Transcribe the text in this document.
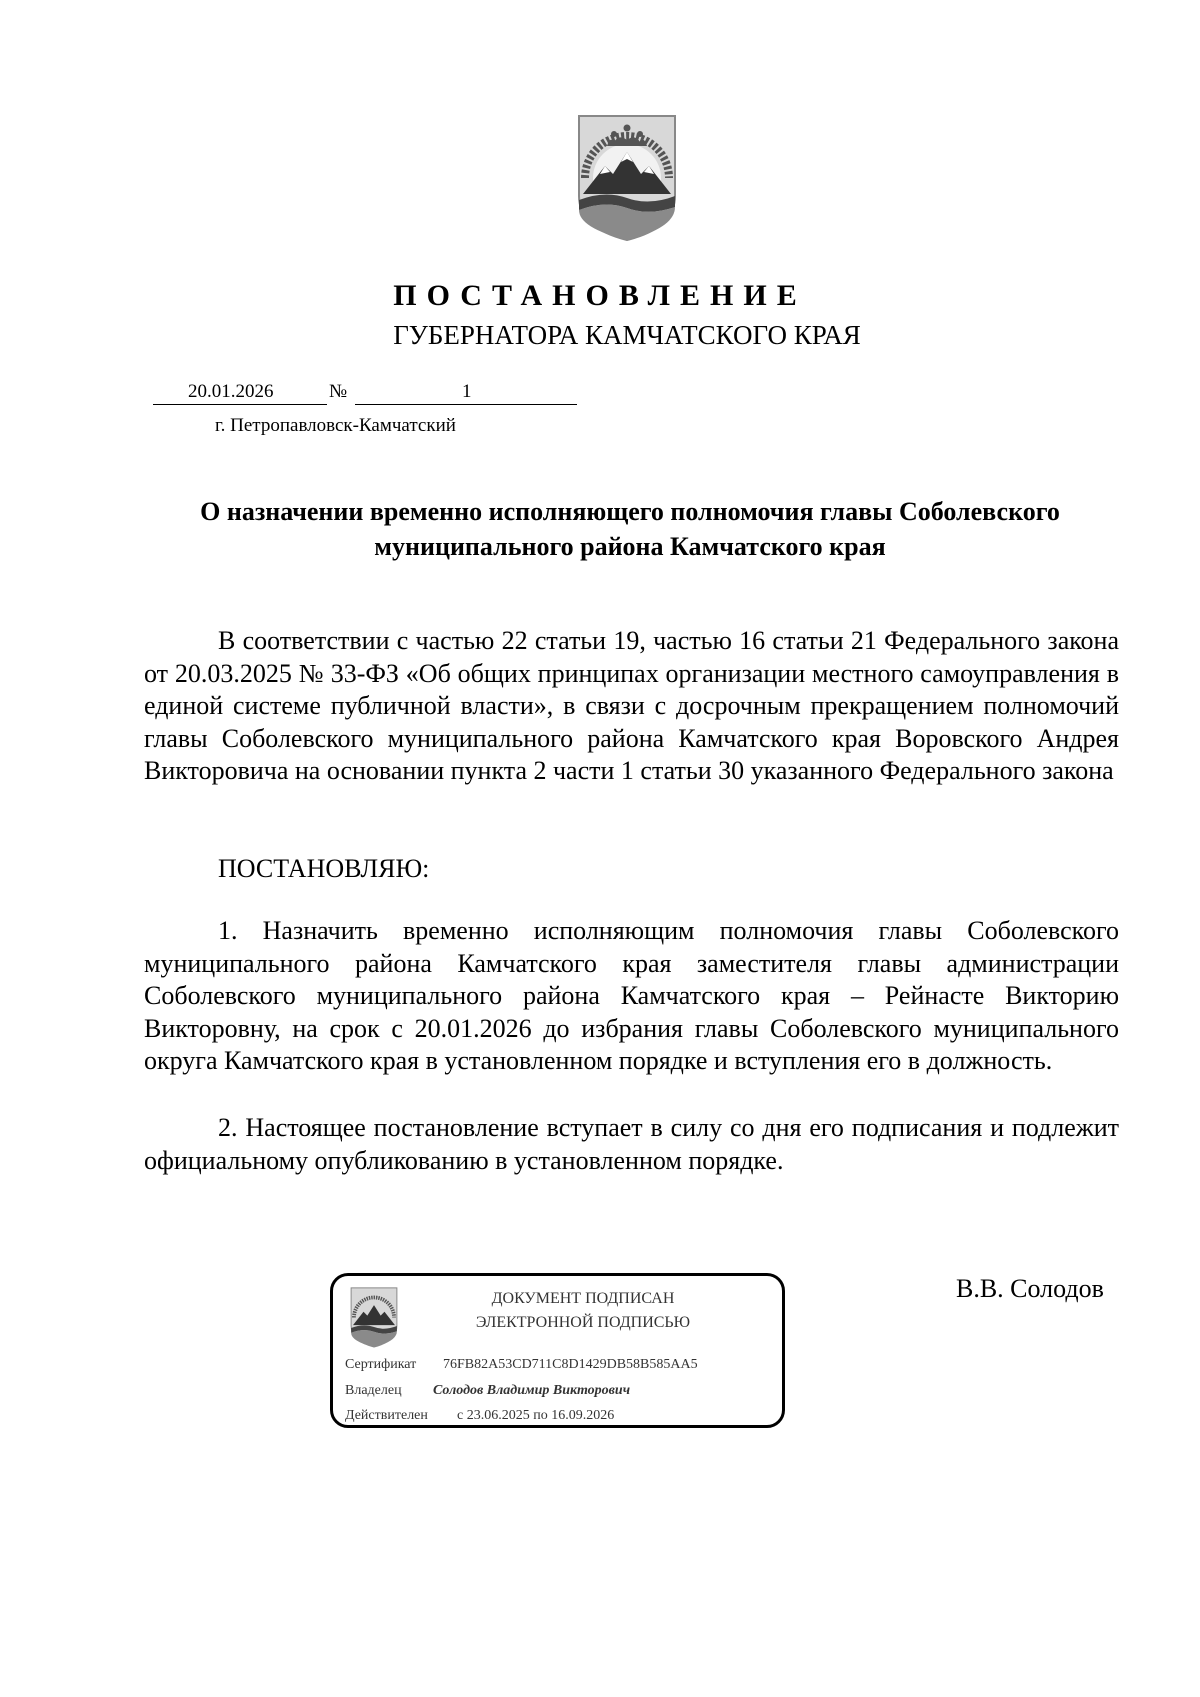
ПОСТАНОВЛЕНИЕ
ГУБЕРНАТОРА КАМЧАТСКОГО КРАЯ
20.01.2026	№	1
г. Петропавловск-Камчатский
О назначении временно исполняющего полномочия главы Соболевского муниципального района Камчатского края
В соответствии с частью 22 статьи 19, частью 16 статьи 21 Федерального закона от 20.03.2025 № 33-ФЗ «Об общих принципах организации местного самоуправления в единой системе публичной власти», в связи с досрочным прекращением полномочий главы Соболевского муниципального района Камчатского края Воровского Андрея Викторовича на основании пункта 2 части 1 статьи 30 указанного Федерального закона
ПОСТАНОВЛЯЮ:
1. Назначить временно исполняющим полномочия главы Соболевского муниципального района Камчатского края заместителя главы администрации Соболевского муниципального района Камчатского края – Рейнасте Викторию Викторовну, на срок с 20.01.2026 до избрания главы Соболевского муниципального округа Камчатского края в установленном порядке и вступления его в должность.
2. Настоящее постановление вступает в силу со дня его подписания и подлежит официальному опубликованию в установленном порядке.
ДОКУМЕНТ ПОДПИСАН
ЭЛЕКТРОННОЙ ПОДПИСЬЮ
Сертификат 76FB82A53CD711C8D1429DB58B585AA5
Владелец Солодов Владимир Викторович
Действителен с 23.06.2025 по 16.09.2026
В.В. Солодов
